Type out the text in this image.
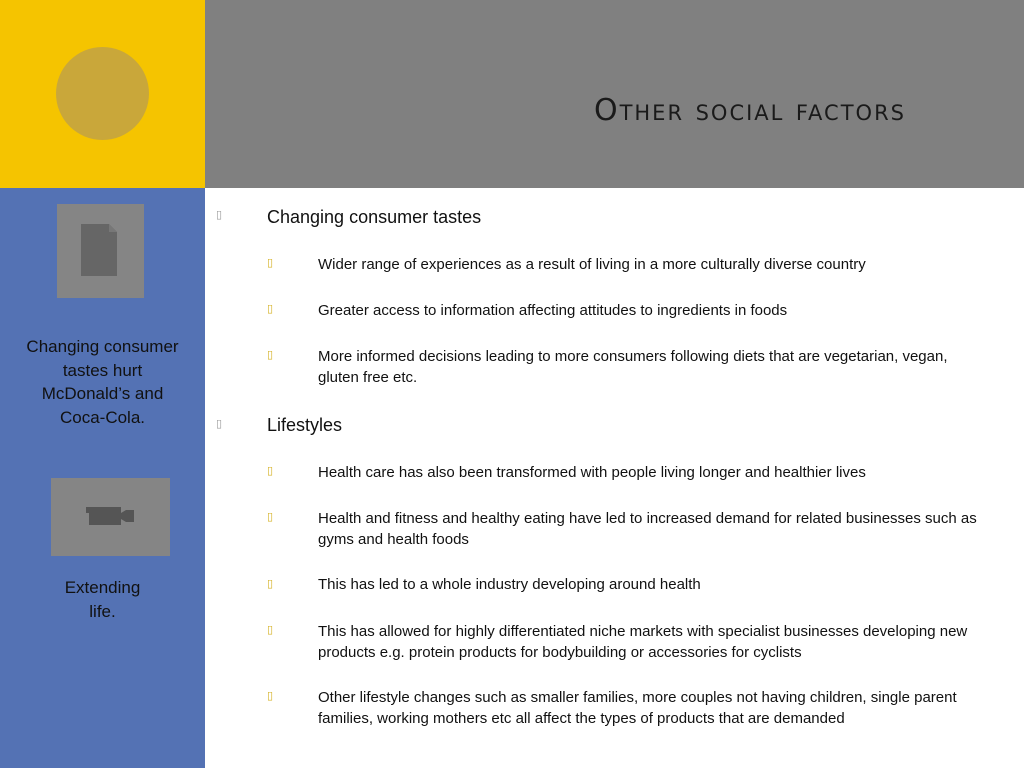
Other social factors
Changing consumer tastes hurt McDonald’s and Coca-Cola.
Extending life.
▯ Changing consumer tastes
▯	Wider range of experiences as a result of living in a more culturally diverse country
▯	Greater access to information affecting attitudes to ingredients in foods
▯	More informed decisions leading to more consumers following diets that are vegetarian, vegan, gluten free etc.
▯ Lifestyles
▯	Health care has also been transformed with people living longer and healthier lives
▯	Health and fitness and healthy eating have led to increased demand for related businesses such as gyms and health foods
▯	This has led to a whole industry developing around health
▯	This has allowed for highly differentiated niche markets with specialist businesses developing new products e.g. protein products for bodybuilding or accessories for cyclists
▯	Other lifestyle changes such as smaller families, more couples not having children, single parent families, working mothers etc all affect the types of products that are demanded
